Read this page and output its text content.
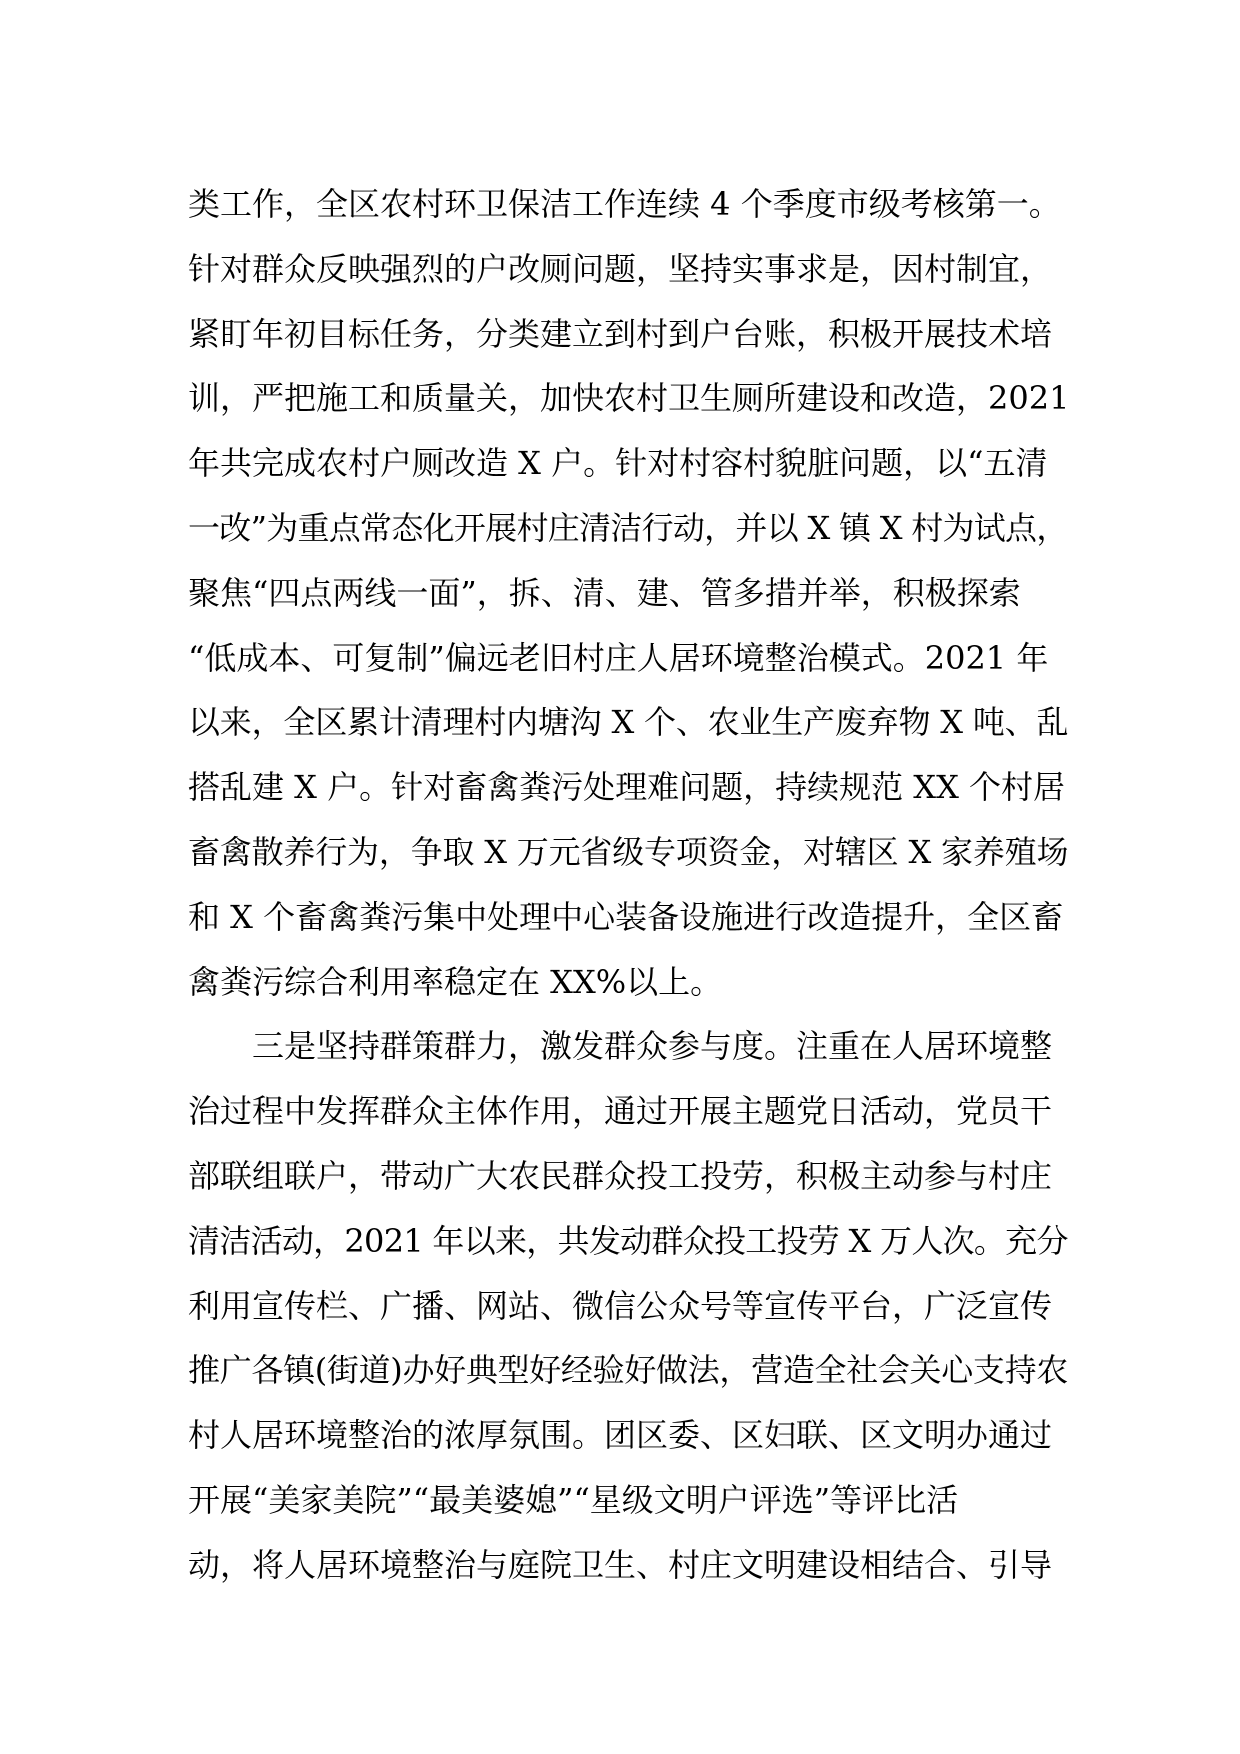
类工作，全区农村环卫保洁工作连续 4 个季度市级考核第一。
针对群众反映强烈的户改厕问题，坚持实事求是，因村制宜，
紧盯年初目标任务，分类建立到村到户台账，积极开展技术培
训，严把施工和质量关，加快农村卫生厕所建设和改造，2021
年共完成农村户厕改造 X 户。针对村容村貌脏问题，以“五清
一改”为重点常态化开展村庄清洁行动，并以 X 镇 X 村为试点，
聚焦“四点两线一面”，拆、清、建、管多措并举，积极探索
“低成本、可复制”偏远老旧村庄人居环境整治模式。2021 年
以来，全区累计清理村内塘沟 X 个、农业生产废弃物 X 吨、乱
搭乱建 X 户。针对畜禽粪污处理难问题，持续规范 XX 个村居
畜禽散养行为，争取 X 万元省级专项资金，对辖区 X 家养殖场
和 X 个畜禽粪污集中处理中心装备设施进行改造提升，全区畜
禽粪污综合利用率稳定在 XX%以上。
三是坚持群策群力，激发群众参与度。注重在人居环境整
治过程中发挥群众主体作用，通过开展主题党日活动，党员干
部联组联户，带动广大农民群众投工投劳，积极主动参与村庄
清洁活动，2021 年以来，共发动群众投工投劳 X 万人次。充分
利用宣传栏、广播、网站、微信公众号等宣传平台，广泛宣传
推广各镇(街道)办好典型好经验好做法，营造全社会关心支持农
村人居环境整治的浓厚氛围。团区委、区妇联、区文明办通过
开展“美家美院”“最美婆媳”“星级文明户评选”等评比活
动，将人居环境整治与庭院卫生、村庄文明建设相结合、引导
